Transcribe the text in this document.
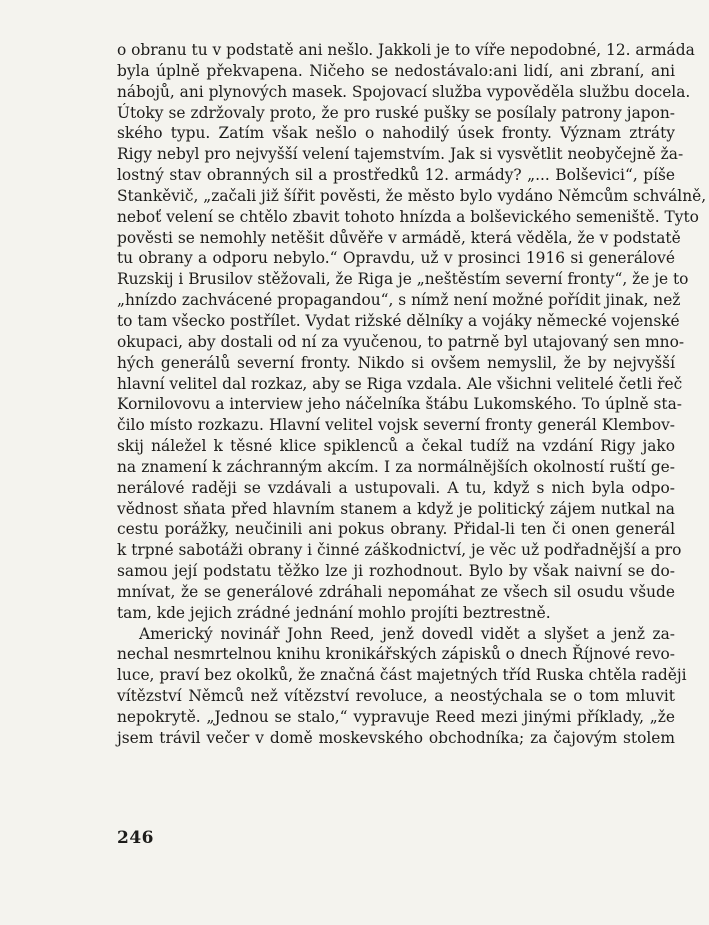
o obranu tu v podstatě ani nešlo. Jakkoli je to víře nepodobné, 12. armáda
byla úplně překvapena. Ničeho se nedostávalo:ani lidí, ani zbraní, ani
nábojů, ani plynových masek. Spojovací služba vypověděla službu docela.
Útoky se zdržovaly proto, že pro ruské pušky se posílaly patrony japon-
ského typu. Zatím však nešlo o nahodilý úsek fronty. Význam ztráty
Rigy nebyl pro nejvyšší velení tajemstvím. Jak si vysvětlit neobyčejně ža-
lostný stav obranných sil a prostředků 12. armády? „... Bolševici“, píše
Stankěvič, „začali již šířit pověsti, že město bylo vydáno Němcům schválně,
neboť velení se chtělo zbavit tohoto hnízda a bolševického semeniště. Tyto
pověsti se nemohly netěšit důvěře v armádě, která věděla, že v podstatě
tu obrany a odporu nebylo.“ Opravdu, už v prosinci 1916 si generálové
Ruzskij i Brusilov stěžovali, že Riga je „neštěstím severní fronty“, že je to
„hnízdo zachvácené propagandou“, s nímž není možné pořídit jinak, než
to tam všecko postřílet. Vydat rižské dělníky a vojáky německé vojenské
okupaci, aby dostali od ní za vyučenou, to patrně byl utajovaný sen mno-
hých generálů severní fronty. Nikdo si ovšem nemyslil, že by nejvyšší
hlavní velitel dal rozkaz, aby se Riga vzdala. Ale všichni velitelé četli řeč
Kornilovovu a interview jeho náčelníka štábu Lukomského. To úplně sta-
čilo místo rozkazu. Hlavní velitel vojsk severní fronty generál Klembov-
skij náležel k těsné klice spiklenců a čekal tudíž na vzdání Rigy jako
na znamení k záchranným akcím. I za normálnějších okolností ruští ge-
nerálové raději se vzdávali a ustupovali. A tu, když s nich byla odpo-
vědnost sňata před hlavním stanem a když je politický zájem nutkal na
cestu porážky, neučinili ani pokus obrany. Přidal-li ten či onen generál
k trpné sabotáži obrany i činné záškodnictví, je věc už podřadnější a pro
samou její podstatu těžko lze ji rozhodnout. Bylo by však naivní se do-
mnívat, že se generálové zdráhali nepomáhat ze všech sil osudu všude
tam, kde jejich zrádné jednání mohlo projíti beztrestně.
Americký novinář John Reed, jenž dovedl vidět a slyšet a jenž za-
nechal nesmrtelnou knihu kronikářských zápisků o dnech Říjnové revo-
luce, praví bez okolků, že značná část majetných tříd Ruska chtěla raději
vítězství Němců než vítězství revoluce, a neostýchala se o tom mluvit
nepokrytě. „Jednou se stalo,“ vypravuje Reed mezi jinými příklady, „že
jsem trávil večer v domě moskevského obchodníka; za čajovým stolem
246
